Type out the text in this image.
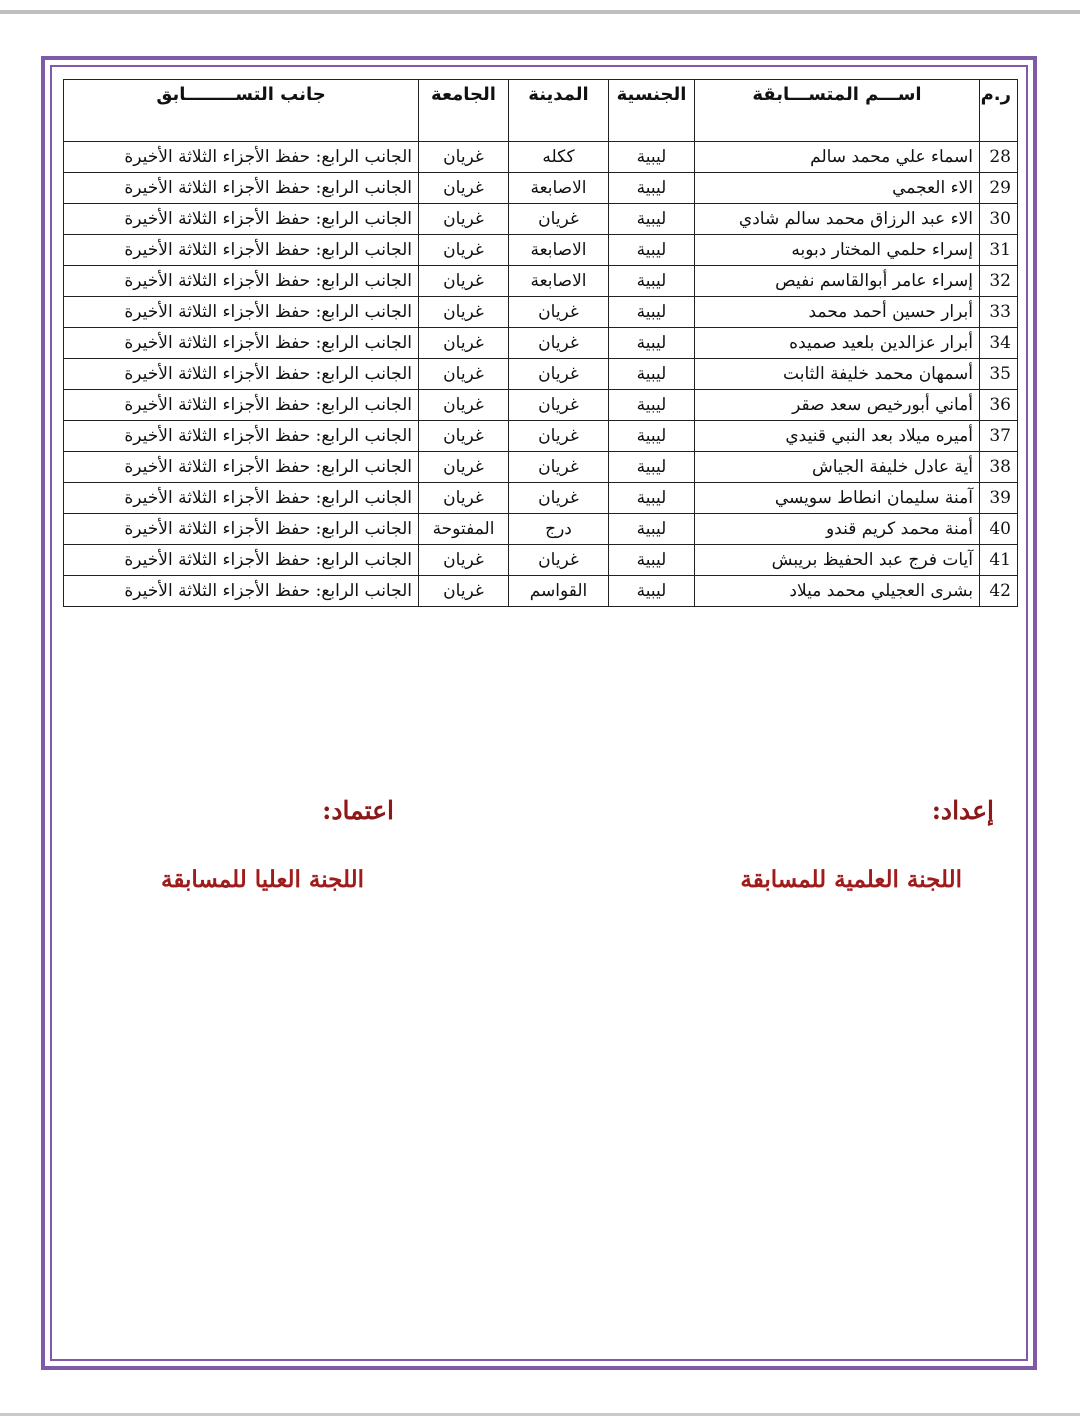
ر.م	اســـم المتســـابقة	الجنسية	المدينة	الجامعة	جانب التســــــــابق
28	اسماء علي محمد سالم	ليبية	ككله	غريان	الجانب الرابع: حفظ الأجزاء الثلاثة الأخيرة
29	الاء العجمي	ليبية	الاصابعة	غريان	الجانب الرابع: حفظ الأجزاء الثلاثة الأخيرة
30	الاء عبد الرزاق محمد سالم شادي	ليبية	غريان	غريان	الجانب الرابع: حفظ الأجزاء الثلاثة الأخيرة
31	إسراء حلمي المختار دبوبه	ليبية	الاصابعة	غريان	الجانب الرابع: حفظ الأجزاء الثلاثة الأخيرة
32	إسراء عامر أبوالقاسم نفيص	ليبية	الاصابعة	غريان	الجانب الرابع: حفظ الأجزاء الثلاثة الأخيرة
33	أبرار حسين أحمد محمد	ليبية	غريان	غريان	الجانب الرابع: حفظ الأجزاء الثلاثة الأخيرة
34	أبرار عزالدين بلعيد صميده	ليبية	غريان	غريان	الجانب الرابع: حفظ الأجزاء الثلاثة الأخيرة
35	أسمهان محمد خليفة الثابت	ليبية	غريان	غريان	الجانب الرابع: حفظ الأجزاء الثلاثة الأخيرة
36	أماني أبورخيص سعد صقر	ليبية	غريان	غريان	الجانب الرابع: حفظ الأجزاء الثلاثة الأخيرة
37	أميره ميلاد بعد النبي قنيدي	ليبية	غريان	غريان	الجانب الرابع: حفظ الأجزاء الثلاثة الأخيرة
38	أية عادل خليفة الجياش	ليبية	غريان	غريان	الجانب الرابع: حفظ الأجزاء الثلاثة الأخيرة
39	آمنة سليمان انطاط سويسي	ليبية	غريان	غريان	الجانب الرابع: حفظ الأجزاء الثلاثة الأخيرة
40	أمنة محمد كريم قندو	ليبية	درج	المفتوحة	الجانب الرابع: حفظ الأجزاء الثلاثة الأخيرة
41	آيات فرج عبد الحفيظ بريبش	ليبية	غريان	غريان	الجانب الرابع: حفظ الأجزاء الثلاثة الأخيرة
42	بشرى العجيلي محمد ميلاد	ليبية	القواسم	غريان	الجانب الرابع: حفظ الأجزاء الثلاثة الأخيرة
إعداد:
اللجنة العلمية للمسابقة
اعتماد:
اللجنة العليا للمسابقة
